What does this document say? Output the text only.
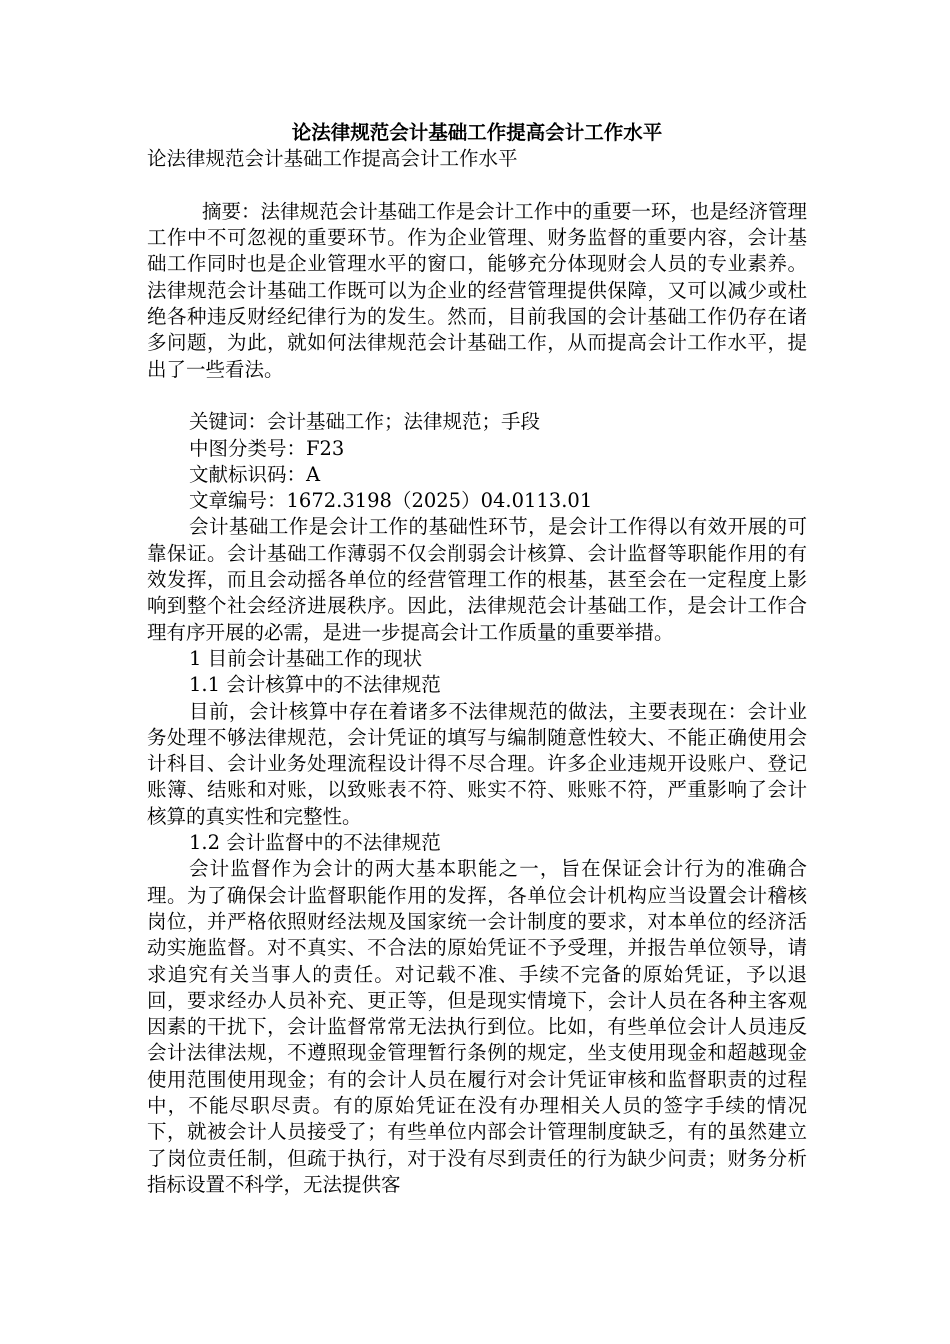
论法律规范会计基础工作提高会计工作水平

论法律规范会计基础工作提高会计工作水平

摘要：法律规范会计基础工作是会计工作中的重要一环，也是经济管理工作中不可忽视的重要环节。作为企业管理、财务监督的重要内容，会计基础工作同时也是企业管理水平的窗口，能够充分体现财会人员的专业素养。法律规范会计基础工作既可以为企业的经营管理提供保障，又可以减少或杜绝各种违反财经纪律行为的发生。然而，目前我国的会计基础工作仍存在诸多问题，为此，就如何法律规范会计基础工作，从而提高会计工作水平，提出了一些看法。

关键词：会计基础工作；法律规范；手段

中图分类号：F23

文献标识码：A

文章编号：1672.3198（2025）04.0113.01

会计基础工作是会计工作的基础性环节，是会计工作得以有效开展的可靠保证。会计基础工作薄弱不仅会削弱会计核算、会计监督等职能作用的有效发挥，而且会动摇各单位的经营管理工作的根基，甚至会在一定程度上影响到整个社会经济进展秩序。因此，法律规范会计基础工作，是会计工作合理有序开展的必需，是进一步提高会计工作质量的重要举措。

1 目前会计基础工作的现状

1.1 会计核算中的不法律规范

目前，会计核算中存在着诸多不法律规范的做法，主要表现在：会计业务处理不够法律规范，会计凭证的填写与编制随意性较大、不能正确使用会计科目、会计业务处理流程设计得不尽合理。许多企业违规开设账户、登记账簿、结账和对账，以致账表不符、账实不符、账账不符，严重影响了会计核算的真实性和完整性。

1.2 会计监督中的不法律规范

会计监督作为会计的两大基本职能之一，旨在保证会计行为的准确合理。为了确保会计监督职能作用的发挥，各单位会计机构应当设置会计稽核岗位，并严格依照财经法规及国家统一会计制度的要求，对本单位的经济活动实施监督。对不真实、不合法的原始凭证不予受理，并报告单位领导，请求追究有关当事人的责任。对记载不准、手续不完备的原始凭证，予以退回，要求经办人员补充、更正等，但是现实情境下，会计人员在各种主客观因素的干扰下，会计监督常常无法执行到位。比如，有些单位会计人员违反会计法律法规，不遵照现金管理暂行条例的规定，坐支使用现金和超越现金使用范围使用现金；有的会计人员在履行对会计凭证审核和监督职责的过程中，不能尽职尽责。有的原始凭证在没有办理相关人员的签字手续的情况下，就被会计人员接受了；有些单位内部会计管理制度缺乏，有的虽然建立了岗位责任制，但疏于执行，对于没有尽到责任的行为缺少问责；财务分析指标设置不科学，无法提供客
